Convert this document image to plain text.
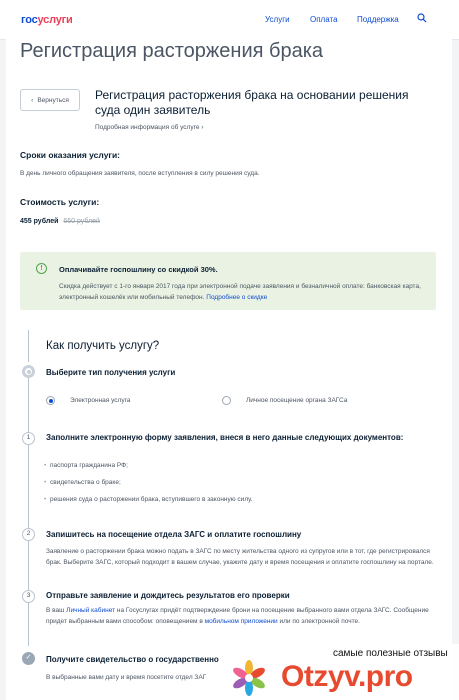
госуслуги	Услуги	Оплата Поддержка
Регистрация расторжения брака
‹ Вернуться Регистрация расторжения брака на основании решения суда один заявитель
Подробная информация об услуге ›
Сроки оказания услуги:
В день личного обращения заявителя, после вступления в силу решения суда.
Стоимость услуги:
455 рублей 650 рублей
!	Оплачивайте госпошлину со скидкой 30%.
Скидка действует с 1-го января 2017 года при электронной подаче заявления и безналичной оплате: банковская карта, электронный кошелёк или мобильный телефон. Подробнее о скидке
Как получить услугу?
Выберите тип получения услуги
Электронная услуга	Личное посещение органа ЗАГСа
1	Заполните электронную форму заявления, внеся в него данные следующих документов:
• паспорта гражданина РФ;
• свидетельства о браке;
• решения суда о расторжении брака, вступившего в законную силу.
2	Запишитесь на посещение отдела ЗАГС и оплатите госпошлину
Заявление о расторжении брака можно подать в ЗАГС по месту жительства одного из супругов или в тот, где регистрировался брак. Выберите ЗАГС, который подходит в вашем случае, укажите дату и время посещения и оплатите госпошлину на портале.
3	Отправьте заявление и дождитесь результатов его проверки
В ваш Личный кабинет на Госуслугах придёт подтверждение брони на посещение выбранного вами отдела ЗАГС. Сообщение придет выбранным вами способом: оповещением в мобильном приложении или по электронной почте.
✓	Получите свидетельство о государственно
В выбранные вами дату и время посетите отдел ЗАГ
самые полезные отзывы
Otzyv.pro
